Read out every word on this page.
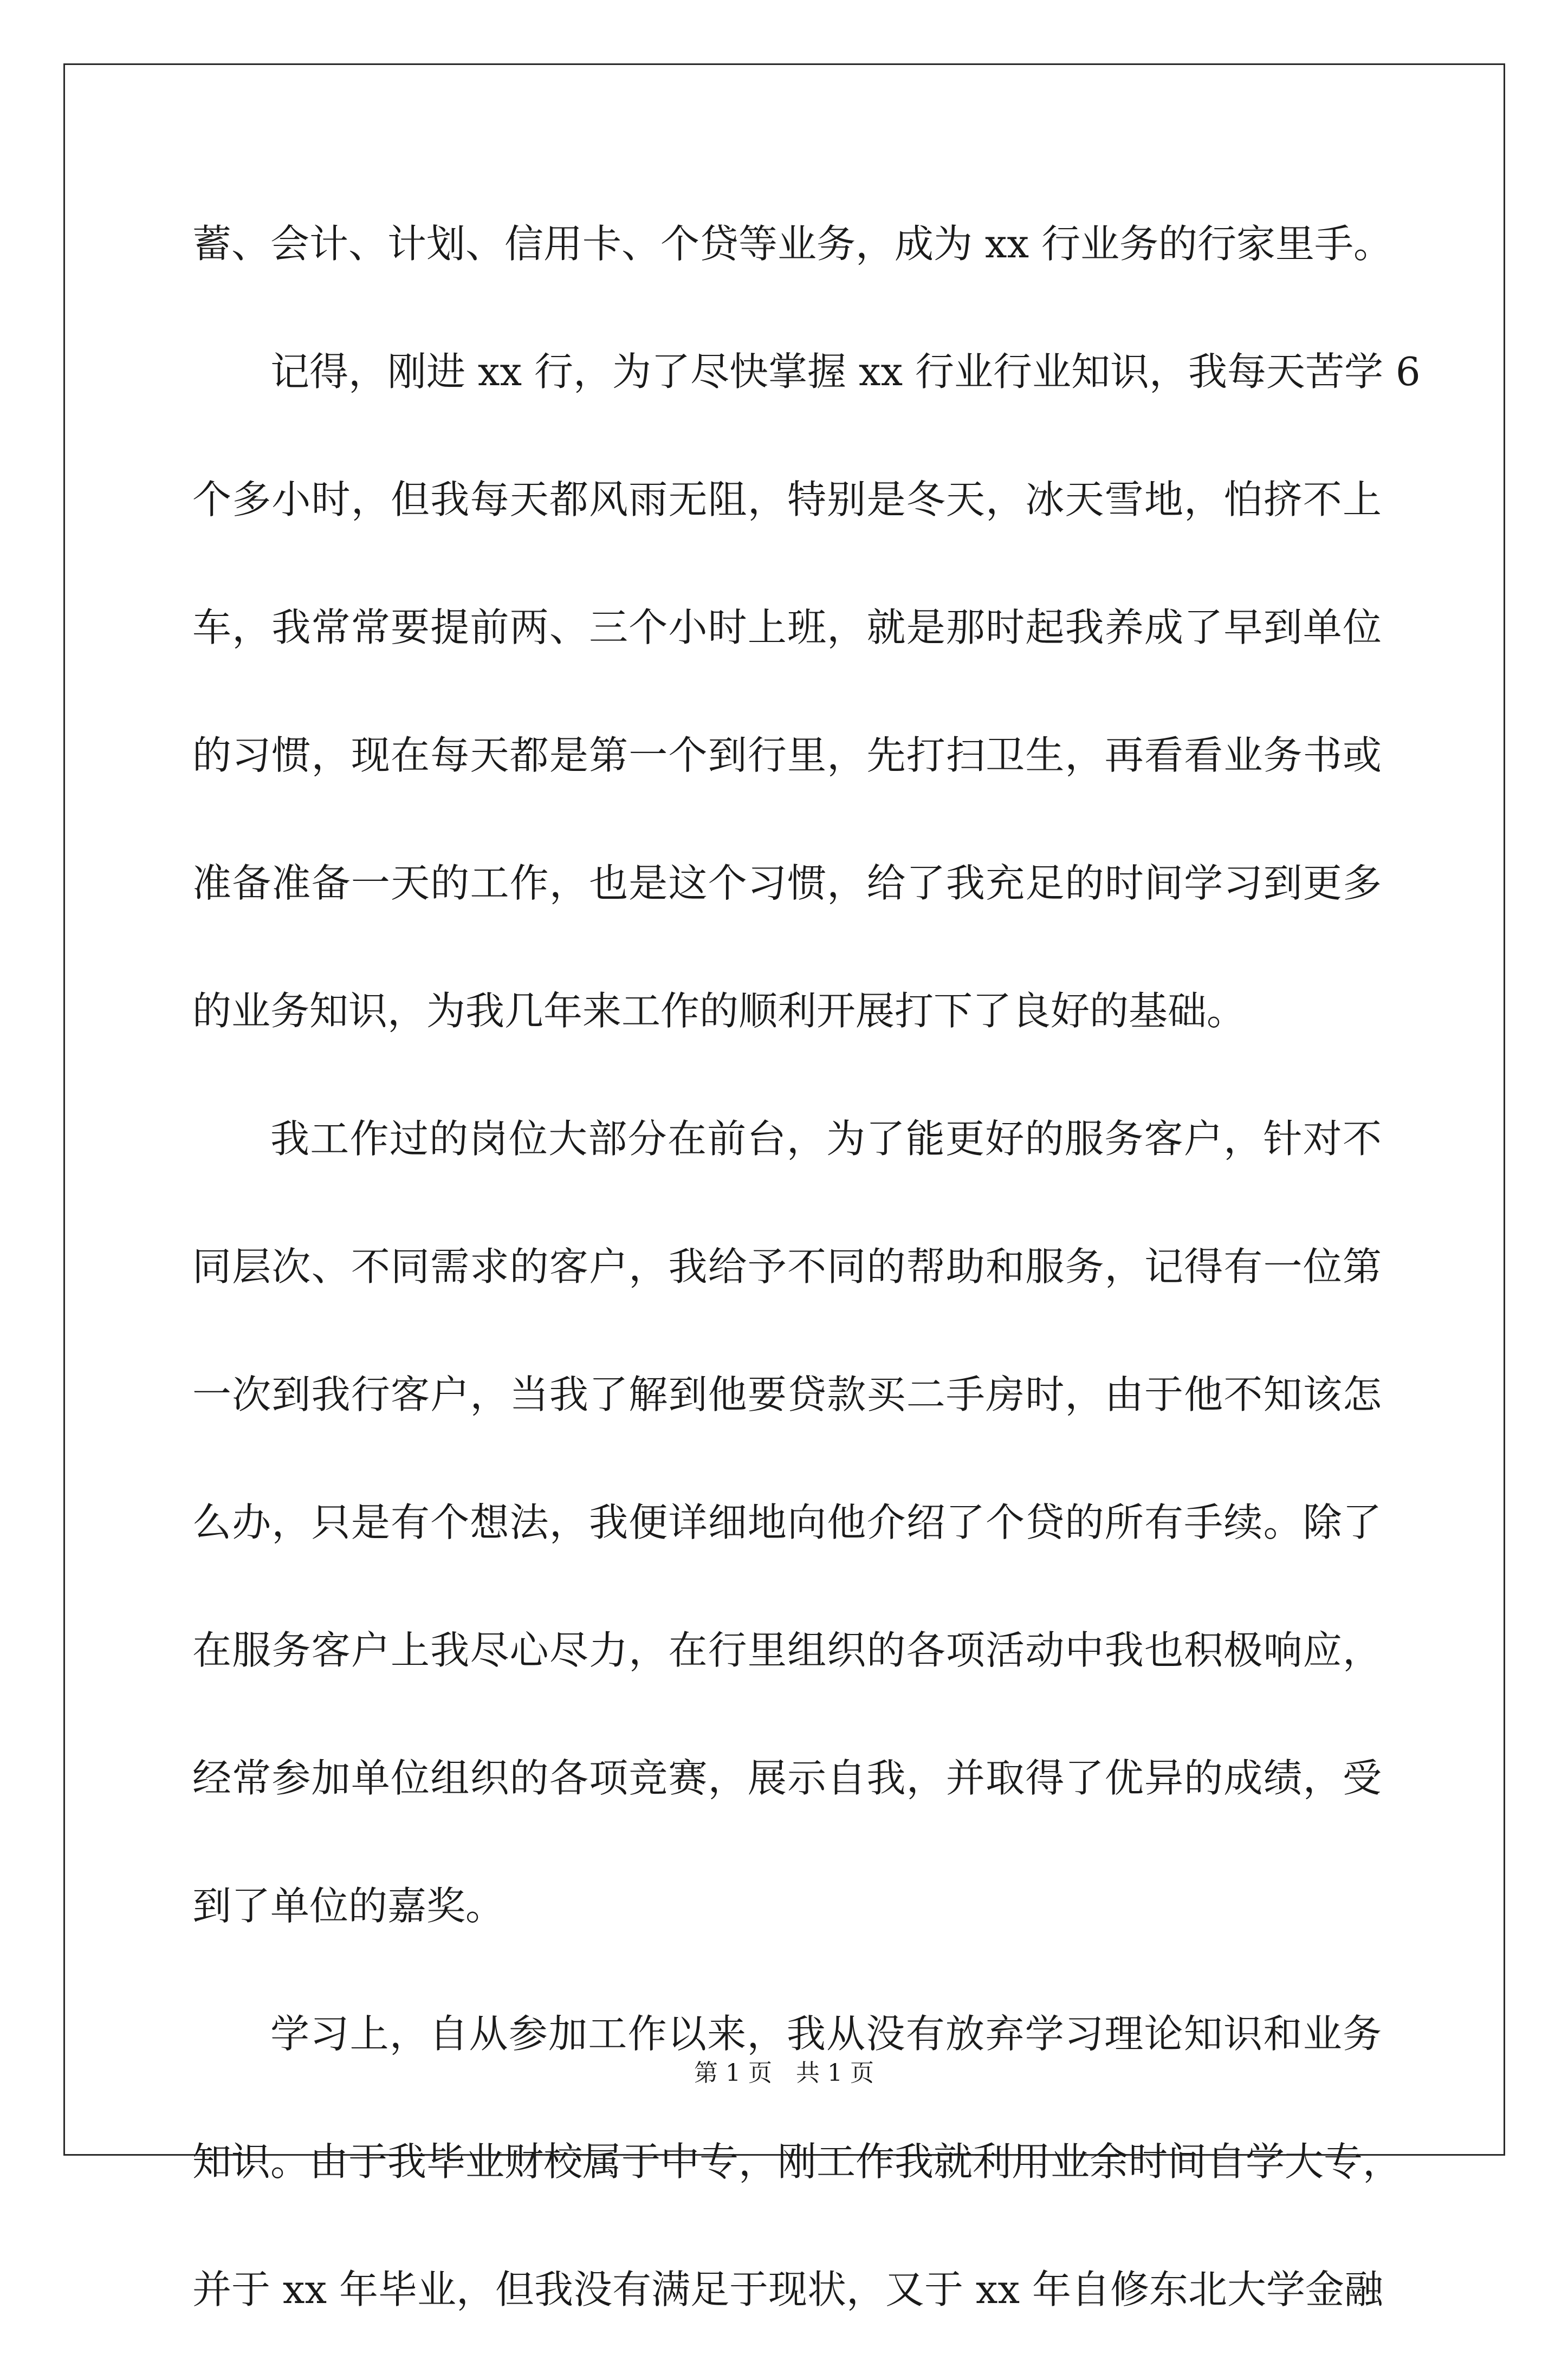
蓄、会计、计划、信用卡、个贷等业务，成为 xx 行业务的行家里手。
记得，刚进 xx 行，为了尽快掌握 xx 行业行业知识，我每天苦学 6
个多小时，但我每天都风雨无阻，特别是冬天，冰天雪地，怕挤不上
车，我常常要提前两、三个小时上班，就是那时起我养成了早到单位
的习惯，现在每天都是第一个到行里，先打扫卫生，再看看业务书或
准备准备一天的工作，也是这个习惯，给了我充足的时间学习到更多
的业务知识，为我几年来工作的顺利开展打下了良好的基础。
我工作过的岗位大部分在前台，为了能更好的服务客户，针对不
同层次、不同需求的客户，我给予不同的帮助和服务，记得有一位第
一次到我行客户，当我了解到他要贷款买二手房时，由于他不知该怎
么办，只是有个想法，我便详细地向他介绍了个贷的所有手续。除了
在服务客户上我尽心尽力，在行里组织的各项活动中我也积极响应，
经常参加单位组织的各项竞赛，展示自我，并取得了优异的成绩，受
到了单位的嘉奖。
学习上，自从参加工作以来，我从没有放弃学习理论知识和业务
知识。由于我毕业财校属于中专，刚工作我就利用业余时间自学大专，
并于 xx 年毕业，但我没有满足于现状，又于 xx 年自修东北大学金融
第 1 页 共 1 页
